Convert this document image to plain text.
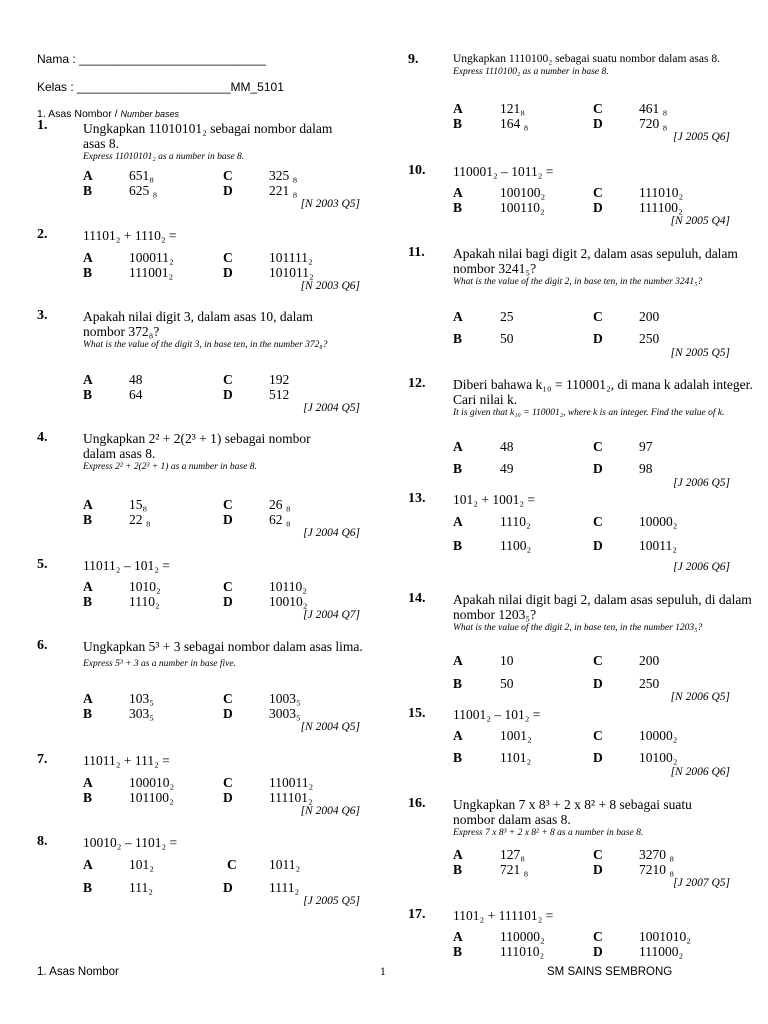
Nama : ____________________________
Kelas : _______________________MM_5101
1. Asas Nombor / Number bases
1.	Ungkapkan 11010101₂ sebagai nombor dalam asas 8.
Express 11010101₂ as a number in base 8.
A	651₈	C	325 ₈
B	625 ₈	D	221 ₈
[N 2003 Q5]
2.	11101₂ + 1110₂ =
A	100011₂	C	101111₂
B	111001₂	D	101011₂
[N 2003 Q6]
3.	Apakah nilai digit 3, dalam asas 10, dalam nombor 372₈?
What is the value of the digit 3, in base ten, in the number 372₈?
A	48	C	192
B	64	D	512
[J 2004 Q5]
4.	Ungkapkan 2² + 2(2³ + 1) sebagai nombor dalam asas 8.
Express 2² + 2(2³ + 1) as a number in base 8.
A	15₈	C	26 ₈
B	22 ₈	D	62 ₈
[J 2004 Q6]
5.	11011₂ – 101₂ =
A	1010₂	C	10110₂
B	1110₂	D	10010₂
[J 2004 Q7]
6.	Ungkapkan 5³ + 3 sebagai nombor dalam asas lima.
Express 5³ + 3 as a number in base five.
A	103₅	C	1003₅
B	303₅	D	3003₅
[N 2004 Q5]
7.	11011₂ + 111₂ =
A	100010₂	C	110011₂
B	101100₂	D	111101₂
[N 2004 Q6]
8.	10010₂ – 1101₂ =
A	101₂	C 1011₂
B	111₂	D	1111₂
[J 2005 Q5]
9.	Ungkapkan 1110100₂ sebagai suatu nombor dalam asas 8.
Express 1110100₂ as a number in base 8.
A	121₈	C	461 ₈
B	164 ₈	D	720 ₈
[J 2005 Q6]
10. 110001₂ – 1011₂ =
A	100100₂	C	111010₂
B	100110₂	D	111100₂
[N 2005 Q4]
11. Apakah nilai bagi digit 2, dalam asas sepuluh, dalam nombor 3241₅?
What is the value of the digit 2, in base ten, in the number 3241₅?
A	25	C	200
B	50	D	250
[N 2005 Q5]
12. Diberi bahawa k₁₀ = 110001₂, di mana k adalah integer. Cari nilai k.
It is given that k₁₀ = 110001₂, where k is an integer. Find the value of k.
A	48	C	97
B	49	D	98
[J 2006 Q5]
13. 101₂ + 1001₂ =
A	1110₂	C	10000₂
B	1100₂	D	10011₂
[J 2006 Q6]
14. Apakah nilai digit bagi 2, dalam asas sepuluh, di dalam nombor 1203₅?
What is the value of the digit 2, in base ten, in the number 1203₅?
A	10	C	200
B	50	D	250
[N 2006 Q5]
15. 11001₂ – 101₂ =
A	1001₂	C	10000₂
B	1101₂	D	10100₂
[N 2006 Q6]
16. Ungkapkan 7 x 8³ + 2 x 8² + 8 sebagai suatu nombor dalam asas 8.
Express 7 x 8³ + 2 x 8² + 8 as a number in base 8.
A	127₈	C	3270 ₈
B	721 ₈	D	7210 ₈
[J 2007 Q5]
17. 1101₂ + 111101₂ =
A	110000₂	C	1001010₂
B	111010₂	D	111000₂
1. Asas Nombor	1	SM SAINS SEMBRONG
